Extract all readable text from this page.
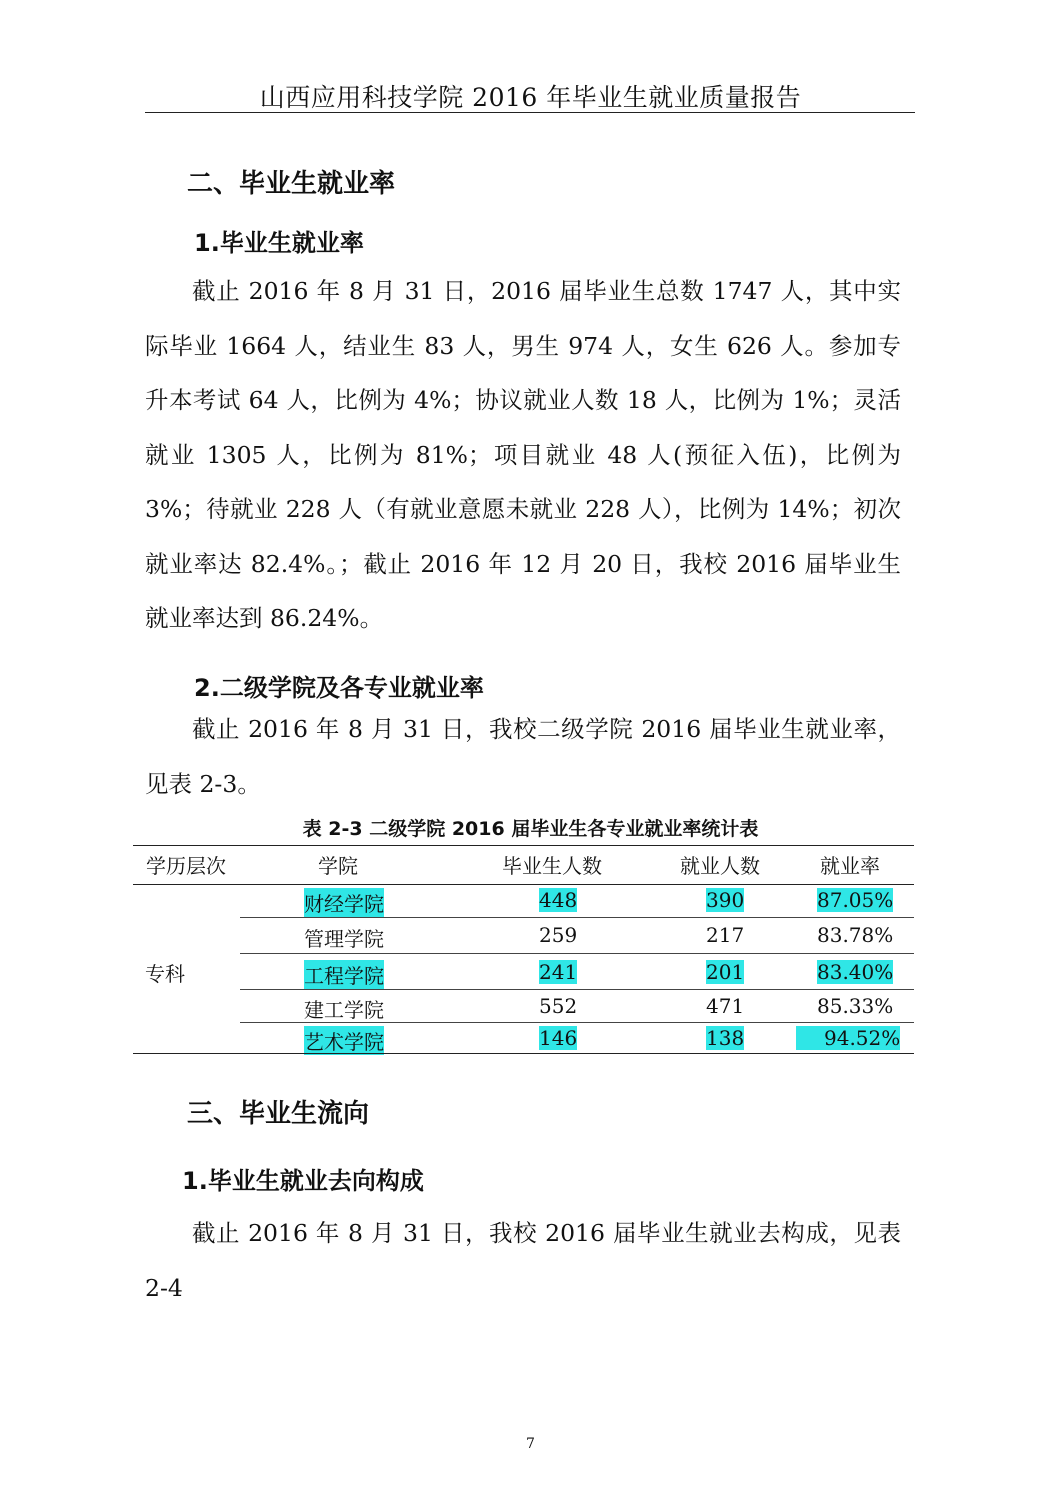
山西应用科技学院 2016 年毕业生就业质量报告
二、毕业生就业率
1.毕业生就业率

截止 2016 年 8 月 31 日，2016 届毕业生总数 1747 人，其中实际毕业 1664 人，结业生 83 人，男生 974 人，女生 626 人。参加专升本考试 64 人，比例为 4%；协议就业人数 18 人，比例为 1%；灵活就业 1305 人，比例为 81%；项目就业 48 人(预征入伍)，比例为 3%；待就业 228 人（有就业意愿未就业 228 人），比例为 14%；初次就业率达 82.4%。；截止 2016 年 12 月 20 日，我校 2016 届毕业生就业率达到 86.24%。

2.二级学院及各专业就业率

截止 2016 年 8 月 31 日，我校二级学院 2016 届毕业生就业率，见表 2-3。

表 2-3 二级学院 2016 届毕业生各专业就业率统计表
学历层次	学院	毕业生人数	就业人数	就业率
专科
财经学院	448	390	87.05%
管理学院	259	217	83.78%
工程学院	241	201	83.40%
建工学院	552	471	85.33%
艺术学院	146	138	94.52%
三、毕业生流向
1.毕业生就业去向构成

截止 2016 年 8 月 31 日，我校 2016 届毕业生就业去构成，见表 2-4

7
